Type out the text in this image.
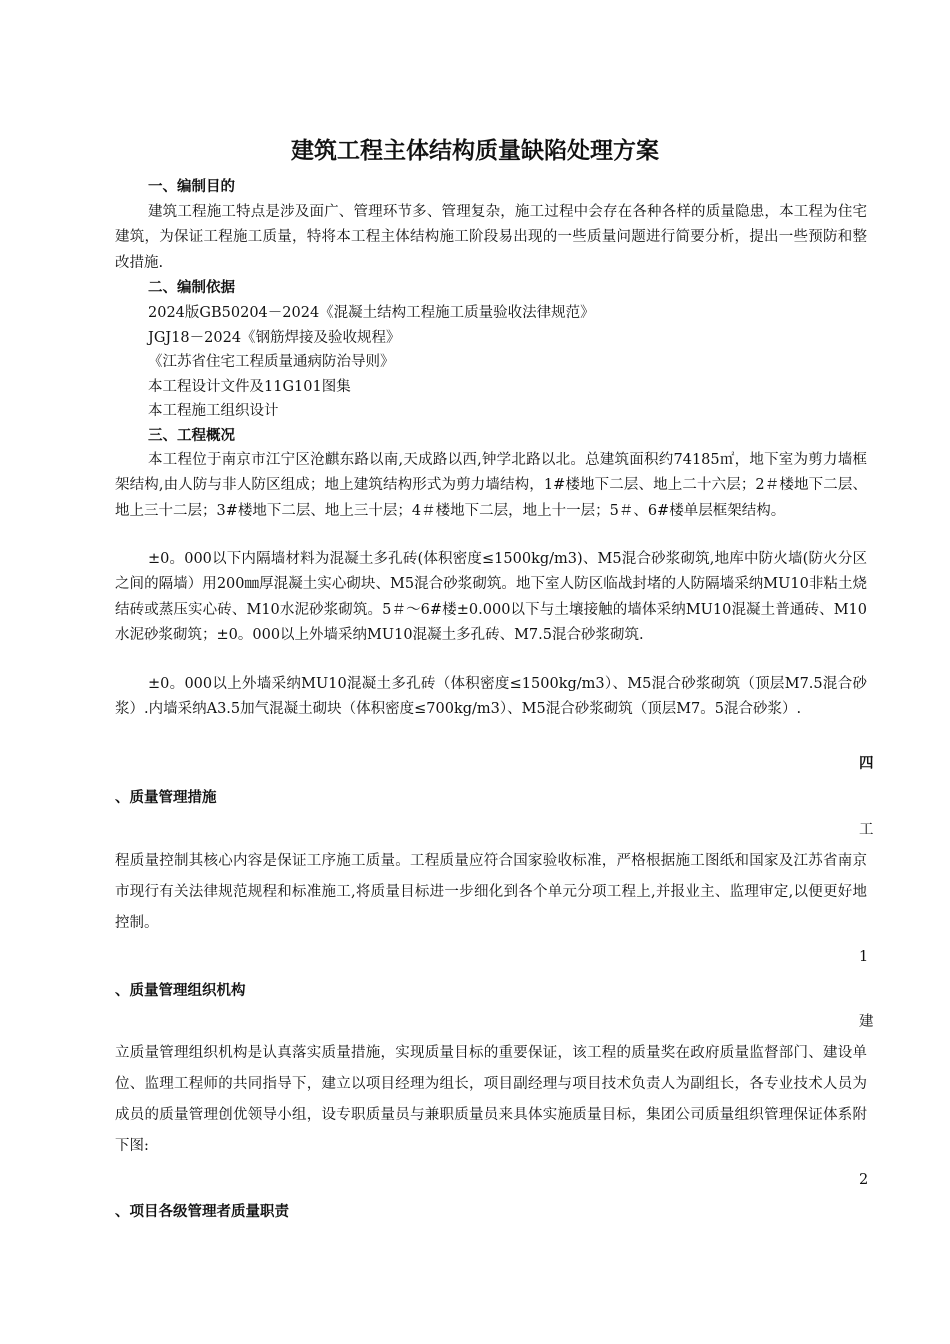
建筑工程主体结构质量缺陷处理方案
一、编制目的

建筑工程施工特点是涉及面广、管理环节多、管理复杂，施工过程中会存在各种各样的质量隐患，本工程为住宅建筑，为保证工程施工质量，特将本工程主体结构施工阶段易出现的一些质量问题进行简要分析，提出一些预防和整改措施.

二、编制依据

2024版GB50204－2024《混凝土结构工程施工质量验收法律规范》

JGJ18－2024《钢筋焊接及验收规程》

《江苏省住宅工程质量通病防治导则》

本工程设计文件及11G101图集

本工程施工组织设计

三、工程概况

本工程位于南京市江宁区沧麒东路以南,天成路以西,钟学北路以北。总建筑面积约74185㎡，地下室为剪力墙框架结构,由人防与非人防区组成；地上建筑结构形式为剪力墙结构，1#楼地下二层、地上二十六层；2＃楼地下二层、地上三十二层；3#楼地下二层、地上三十层；4＃楼地下二层，地上十一层；5＃、6#楼单层框架结构。

±0。000以下内隔墙材料为混凝土多孔砖(体积密度≤1500kg/m3)、M5混合砂浆砌筑,地库中防火墙(防火分区之间的隔墙）用200㎜厚混凝土实心砌块、M5混合砂浆砌筑。地下室人防区临战封堵的人防隔墙采纳MU10非粘土烧结砖或蒸压实心砖、M10水泥砂浆砌筑。5＃～6#楼±0.000以下与土壤接触的墙体采纳MU10混凝土普通砖、M10水泥砂浆砌筑；±0。000以上外墙采纳MU10混凝土多孔砖、M7.5混合砂浆砌筑.

±0。000以上外墙采纳MU10混凝土多孔砖（体积密度≤1500kg/m3）、M5混合砂浆砌筑（顶层M7.5混合砂浆）.内墙采纳A3.5加气混凝土砌块（体积密度≤700kg/m3）、M5混合砂浆砌筑（顶层M7。5混合砂浆）.

四

、质量管理措施

工

程质量控制其核心内容是保证工序施工质量。工程质量应符合国家验收标准，严格根据施工图纸和国家及江苏省南京市现行有关法律规范规程和标准施工,将质量目标进一步细化到各个单元分项工程上,并报业主、监理审定,以便更好地控制。

1

、质量管理组织机构

建

立质量管理组织机构是认真落实质量措施，实现质量目标的重要保证，该工程的质量奖在政府质量监督部门、建设单位、监理工程师的共同指导下，建立以项目经理为组长，项目副经理与项目技术负责人为副组长，各专业技术人员为成员的质量管理创优领导小组，设专职质量员与兼职质量员来具体实施质量目标，集团公司质量组织管理保证体系附下图:

2

、项目各级管理者质量职责
